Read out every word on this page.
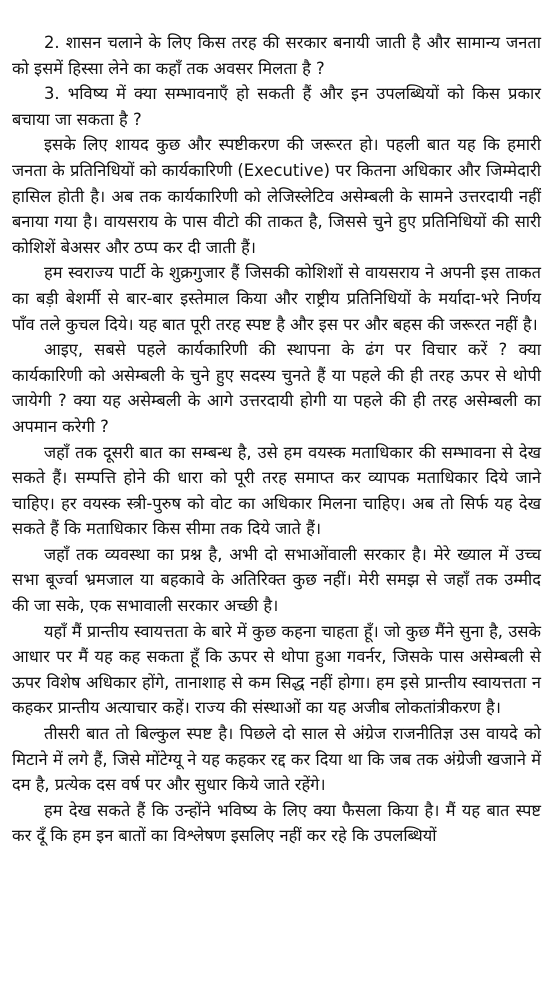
2. शासन चलाने के लिए किस तरह की सरकार बनायी जाती है और सामान्य जनता को इसमें हिस्सा लेने का कहाँ तक अवसर मिलता है ?

3. भविष्य में क्या सम्भावनाएँ हो सकती हैं और इन उपलब्धियों को किस प्रकार बचाया जा सकता है ?

इसके लिए शायद कुछ और स्पष्टीकरण की जरूरत हो। पहली बात यह कि हमारी जनता के प्रतिनिधियों को कार्यकारिणी (Executive) पर कितना अधिकार और जिम्मेदारी हासिल होती है। अब तक कार्यकारिणी को लेजिस्लेटिव असेम्बली के सामने उत्तरदायी नहीं बनाया गया है। वायसराय के पास वीटो की ताकत है, जिससे चुने हुए प्रतिनिधियों की सारी कोशिशें बेअसर और ठप्प कर दी जाती हैं।

हम स्वराज्य पार्टी के शुक्रगुजार हैं जिसकी कोशिशों से वायसराय ने अपनी इस ताकत का बड़ी बेशर्मी से बार-बार इस्तेमाल किया और राष्ट्रीय प्रतिनिधियों के मर्यादा-भरे निर्णय पाँव तले कुचल दिये। यह बात पूरी तरह स्पष्ट है और इस पर और बहस की जरूरत नहीं है।

आइए, सबसे पहले कार्यकारिणी की स्थापना के ढंग पर विचार करें ? क्या कार्यकारिणी को असेम्बली के चुने हुए सदस्य चुनते हैं या पहले की ही तरह ऊपर से थोपी जायेगी ? क्या यह असेम्बली के आगे उत्तरदायी होगी या पहले की ही तरह असेम्बली का अपमान करेगी ?

जहाँ तक दूसरी बात का सम्बन्ध है, उसे हम वयस्क मताधिकार की सम्भावना से देख सकते हैं। सम्पत्ति होने की धारा को पूरी तरह समाप्त कर व्यापक मताधिकार दिये जाने चाहिए। हर वयस्क स्त्री-पुरुष को वोट का अधिकार मिलना चाहिए। अब तो सिर्फ यह देख सकते हैं कि मताधिकार किस सीमा तक दिये जाते हैं।

जहाँ तक व्यवस्था का प्रश्न है, अभी दो सभाओंवाली सरकार है। मेरे ख्याल में उच्च सभा बूर्ज्वा भ्रमजाल या बहकावे के अतिरिक्त कुछ नहीं। मेरी समझ से जहाँ तक उम्मीद की जा सके, एक सभावाली सरकार अच्छी है।

यहाँ मैं प्रान्तीय स्वायत्तता के बारे में कुछ कहना चाहता हूँ। जो कुछ मैंने सुना है, उसके आधार पर मैं यह कह सकता हूँ कि ऊपर से थोपा हुआ गवर्नर, जिसके पास असेम्बली से ऊपर विशेष अधिकार होंगे, तानाशाह से कम सिद्ध नहीं होगा। हम इसे प्रान्तीय स्वायत्तता न कहकर प्रान्तीय अत्याचार कहें। राज्य की संस्थाओं का यह अजीब लोकतांत्रीकरण है।

तीसरी बात तो बिल्कुल स्पष्ट है। पिछले दो साल से अंग्रेज राजनीतिज्ञ उस वायदे को मिटाने में लगे हैं, जिसे मोंटेग्यू ने यह कहकर रद्द कर दिया था कि जब तक अंग्रेजी खजाने में दम है, प्रत्येक दस वर्ष पर और सुधार किये जाते रहेंगे।

हम देख सकते हैं कि उन्होंने भविष्य के लिए क्या फैसला किया है। मैं यह बात स्पष्ट कर दूँ कि हम इन बातों का विश्लेषण इसलिए नहीं कर रहे कि उपलब्धियों
